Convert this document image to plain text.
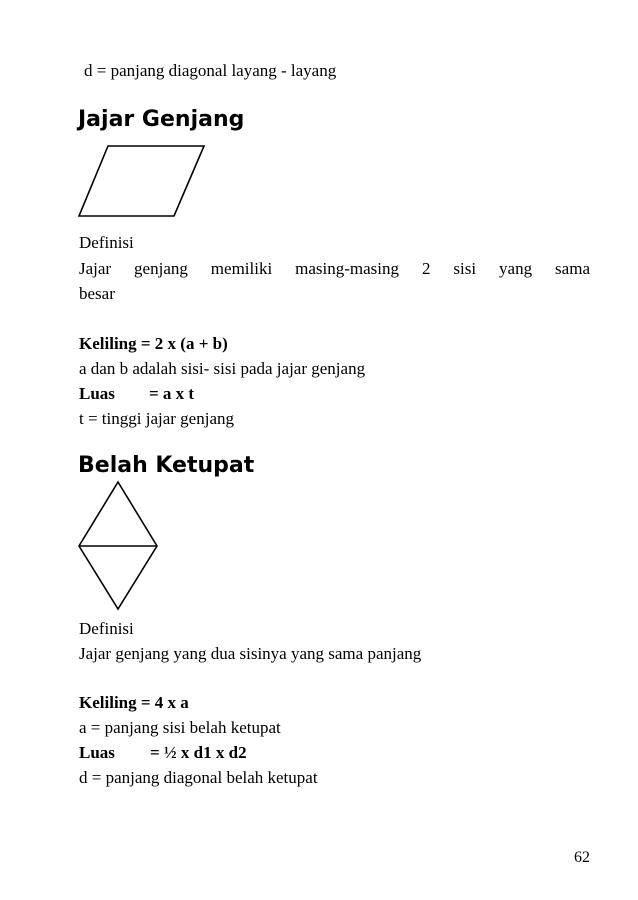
d = panjang diagonal layang - layang
Jajar Genjang
Definisi
Jajar genjang memiliki masing-masing 2 sisi yang sama
besar
Keliling = 2 x (a + b)
a dan b adalah sisi- sisi pada jajar genjang
Luas = a x t
t = tinggi jajar genjang
Belah Ketupat
Definisi
Jajar genjang yang dua sisinya yang sama panjang
Keliling = 4 x a
a = panjang sisi belah ketupat
Luas = ½ x d1 x d2
d = panjang diagonal belah ketupat
62
